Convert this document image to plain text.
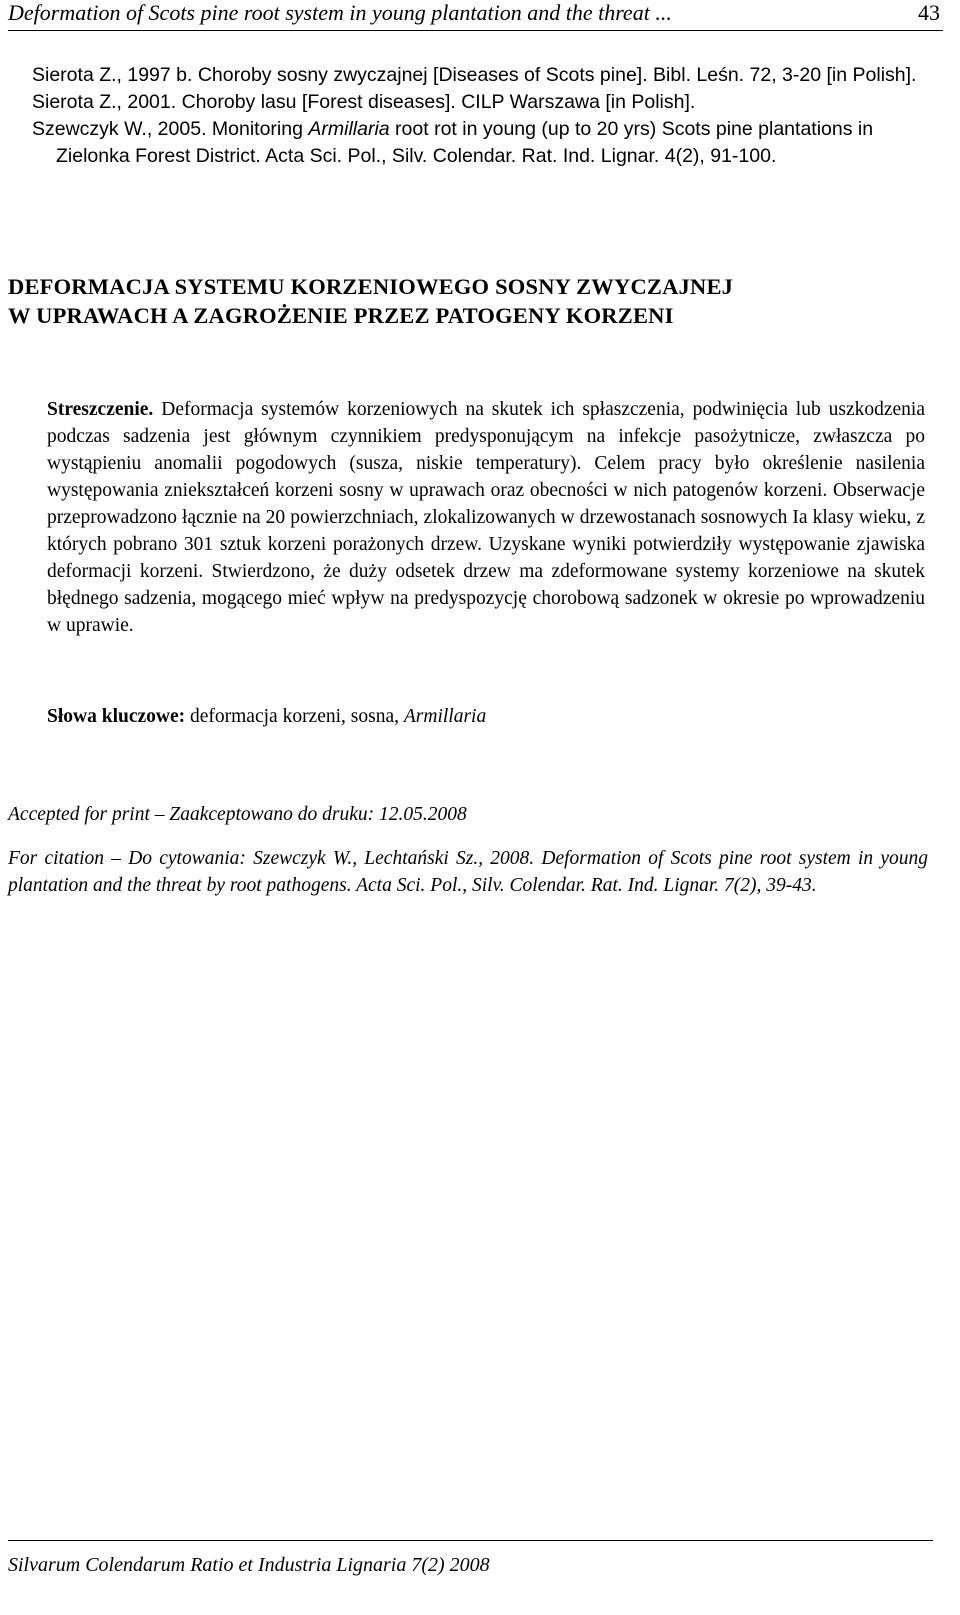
Deformation of Scots pine root system in young plantation and the threat ...	43
Sierota Z., 1997 b. Choroby sosny zwyczajnej [Diseases of Scots pine]. Bibl. Leśn. 72, 3-20 [in Polish].
Sierota Z., 2001. Choroby lasu [Forest diseases]. CILP Warszawa [in Polish].
Szewczyk W., 2005. Monitoring Armillaria root rot in young (up to 20 yrs) Scots pine plantations in Zielonka Forest District. Acta Sci. Pol., Silv. Colendar. Rat. Ind. Lignar. 4(2), 91-100.
DEFORMACJA SYSTEMU KORZENIOWEGO SOSNY ZWYCZAJNEJ
W UPRAWACH A ZAGROŻENIE PRZEZ PATOGENY KORZENI
Streszczenie. Deformacja systemów korzeniowych na skutek ich spłaszczenia, podwinięcia lub uszkodzenia podczas sadzenia jest głównym czynnikiem predysponującym na infekcje pasożytnicze, zwłaszcza po wystąpieniu anomalii pogodowych (susza, niskie temperatury). Celem pracy było określenie nasilenia występowania zniekształceń korzeni sosny w uprawach oraz obecności w nich patogenów korzeni. Obserwacje przeprowadzono łącznie na 20 powierzchniach, zlokalizowanych w drzewostanach sosnowych Ia klasy wieku, z których pobrano 301 sztuk korzeni porażonych drzew. Uzyskane wyniki potwierdziły występowanie zjawiska deformacji korzeni. Stwierdzono, że duży odsetek drzew ma zdeformowane systemy korzeniowe na skutek błędnego sadzenia, mogącego mieć wpływ na predyspozycję chorobową sadzonek w okresie po wprowadzeniu w uprawie.
Słowa kluczowe: deformacja korzeni, sosna, Armillaria
Accepted for print – Zaakceptowano do druku: 12.05.2008
For citation – Do cytowania: Szewczyk W., Lechtański Sz., 2008. Deformation of Scots pine root system in young plantation and the threat by root pathogens. Acta Sci. Pol., Silv. Colendar. Rat. Ind. Lignar. 7(2), 39-43.
Silvarum Colendarum Ratio et Industria Lignaria 7(2) 2008
